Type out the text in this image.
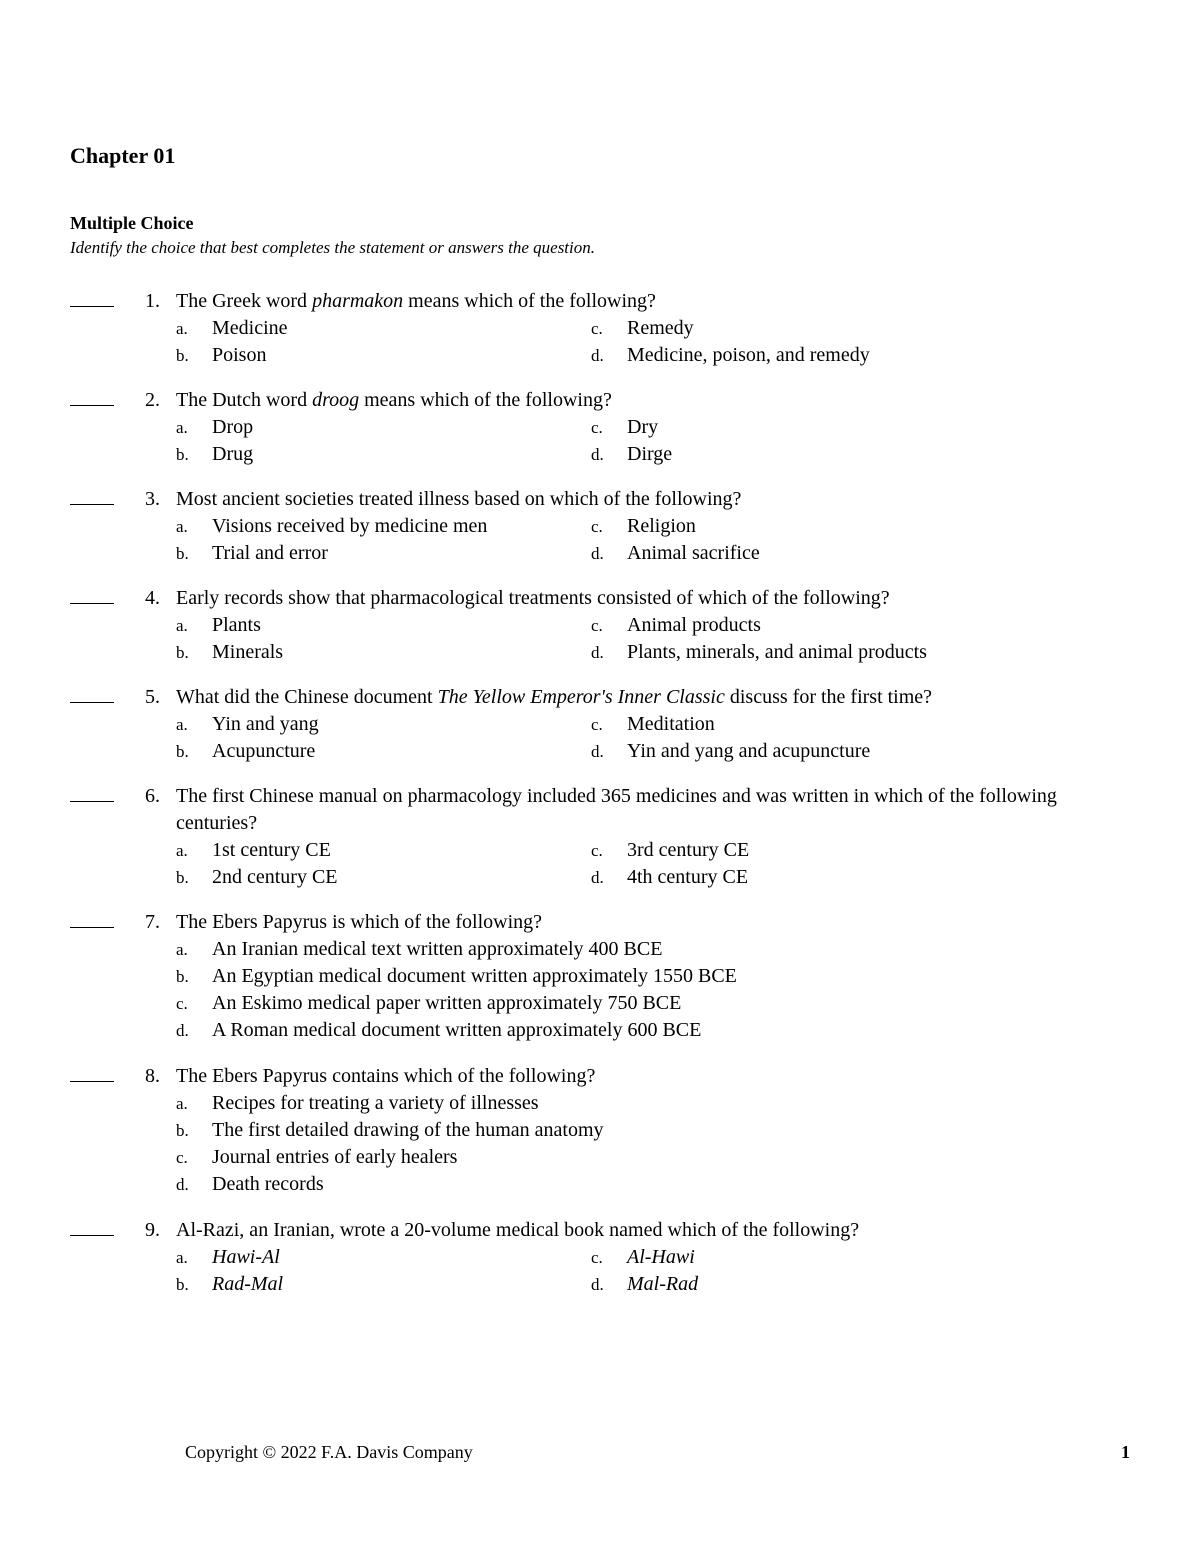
Chapter 01
Multiple Choice
Identify the choice that best completes the statement or answers the question.
1. The Greek word pharmakon means which of the following?
a. Medicine
b. Poison
c. Remedy
d. Medicine, poison, and remedy
2. The Dutch word droog means which of the following?
a. Drop
b. Drug
c. Dry
d. Dirge
3. Most ancient societies treated illness based on which of the following?
a. Visions received by medicine men
b. Trial and error
c. Religion
d. Animal sacrifice
4. Early records show that pharmacological treatments consisted of which of the following?
a. Plants
b. Minerals
c. Animal products
d. Plants, minerals, and animal products
5. What did the Chinese document The Yellow Emperor's Inner Classic discuss for the first time?
a. Yin and yang
b. Acupuncture
c. Meditation
d. Yin and yang and acupuncture
6. The first Chinese manual on pharmacology included 365 medicines and was written in which of the following centuries?
a. 1st century CE
b. 2nd century CE
c. 3rd century CE
d. 4th century CE
7. The Ebers Papyrus is which of the following?
a. An Iranian medical text written approximately 400 BCE
b. An Egyptian medical document written approximately 1550 BCE
c. An Eskimo medical paper written approximately 750 BCE
d. A Roman medical document written approximately 600 BCE
8. The Ebers Papyrus contains which of the following?
a. Recipes for treating a variety of illnesses
b. The first detailed drawing of the human anatomy
c. Journal entries of early healers
d. Death records
9. Al-Razi, an Iranian, wrote a 20-volume medical book named which of the following?
a. Hawi-Al
b. Rad-Mal
c. Al-Hawi
d. Mal-Rad
Copyright © 2022 F.A. Davis Company	1
